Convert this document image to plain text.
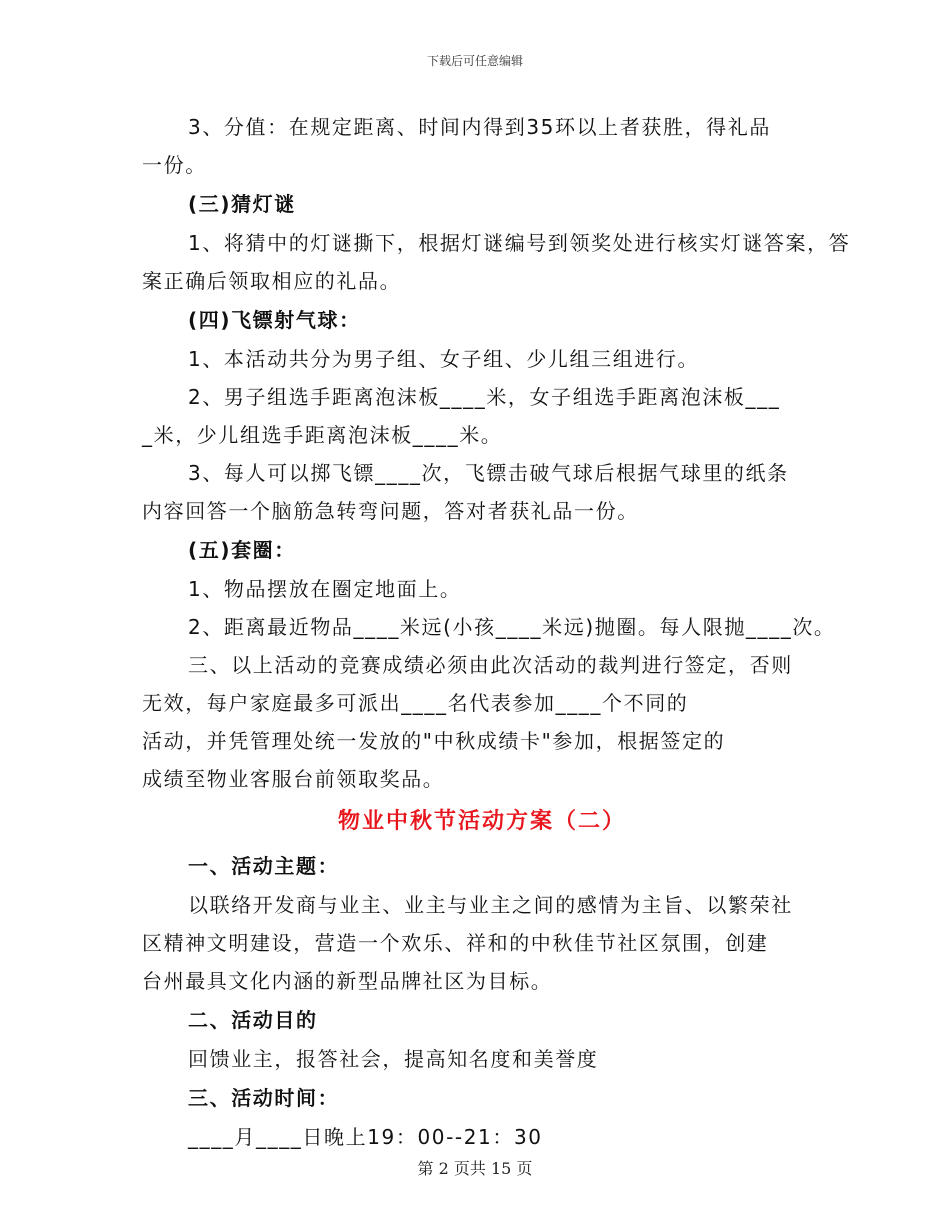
下载后可任意编辑
3、分值：在规定距离、时间内得到35环以上者获胜，得礼品
一份。
(三)猜灯谜
1、将猜中的灯谜撕下，根据灯谜编号到领奖处进行核实灯谜答案，答
案正确后领取相应的礼品。
(四)飞镖射气球：
1、本活动共分为男子组、女子组、少儿组三组进行。
2、男子组选手距离泡沫板____米，女子组选手距离泡沫板___
_米，少儿组选手距离泡沫板____米。
3、每人可以掷飞镖____次，飞镖击破气球后根据气球里的纸条
内容回答一个脑筋急转弯问题，答对者获礼品一份。
(五)套圈：
1、物品摆放在圈定地面上。
2、距离最近物品____米远(小孩____米远)抛圈。每人限抛____次。
三、以上活动的竞赛成绩必须由此次活动的裁判进行签定，否则
无效，每户家庭最多可派出____名代表参加____个不同的
活动，并凭管理处统一发放的"中秋成绩卡"参加，根据签定的
成绩至物业客服台前领取奖品。
物业中秋节活动方案（二）
一、活动主题：
以联络开发商与业主、业主与业主之间的感情为主旨、以繁荣社
区精神文明建设，营造一个欢乐、祥和的中秋佳节社区氛围，创建
台州最具文化内涵的新型品牌社区为目标。
二、活动目的
回馈业主，报答社会，提高知名度和美誉度
三、活动时间：
____月____日晚上19：00--21：30
第 2 页共 15 页
